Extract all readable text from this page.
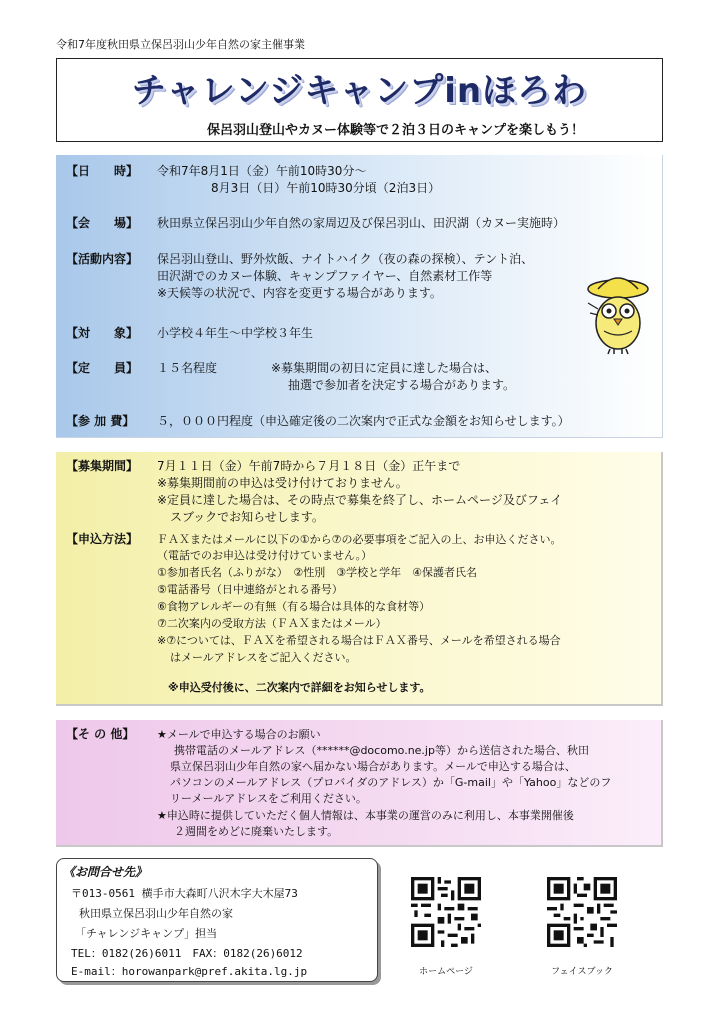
令和7年度秋田県立保呂羽山少年自然の家主催事業
チャレンジキャンプinほろわ
保呂羽山登山やカヌー体験等で２泊３日のキャンプを楽しもう！
【日　　時】 令和7年8月1日（金）午前10時30分～
8月3日（日）午前10時30分頃（2泊3日）
【会　　場】 秋田県立保呂羽山少年自然の家周辺及び保呂羽山、田沢湖（カヌー実施時）
【活動内容】 保呂羽山登山、野外炊飯、ナイトハイク（夜の森の探検）、テント泊、
田沢湖でのカヌー体験、キャンプファイヤー、自然素材工作等
※天候等の状況で、内容を変更する場合があります。
【対　　象】 小学校４年生～中学校３年生
【定　　員】 １５名程度	※募集期間の初日に定員に達した場合は、
抽選で参加者を決定する場合があります。
【参 加 費】 ５，０００円程度（申込確定後の二次案内で正式な金額をお知らせします。）
【募集期間】 7月１１日（金）午前7時から７月１８日（金）正午まで
※募集期間前の申込は受け付けておりません。
※定員に達した場合は、その時点で募集を終了し、ホームページ及びフェイ
スブックでお知らせします。
【申込方法】 ＦＡＸまたはメールに以下の①から⑦の必要事項をご記入の上、お申込ください。
（電話でのお申込は受け付けていません。）
①参加者氏名（ふりがな）　②性別　③学校と学年　④保護者氏名
⑤電話番号（日中連絡がとれる番号）
⑥食物アレルギーの有無（有る場合は具体的な食材等）
⑦二次案内の受取方法（ＦＡＸまたはメール）
※⑦については、ＦＡＸを希望される場合はＦＡＸ番号、メールを希望される場合
はメールアドレスをご記入ください。
※申込受付後に、二次案内で詳細をお知らせします。
【そ の 他】 ★メールで申込する場合のお願い
携帯電話のメールアドレス（******@docomo.ne.jp等）から送信された場合、秋田
県立保呂羽山少年自然の家へ届かない場合があります。メールで申込する場合は、
パソコンのメールアドレス（プロバイダのアドレス）か「G-mail」や「Yahoo」などのフ
リーメールアドレスをご利用ください。
★申込時に提供していただく個人情報は、本事業の運営のみに利用し、本事業開催後
２週間をめどに廃棄いたします。
《お問合せ先》
〒013-0561 横手市大森町八沢木字大木屋73
秋田県立保呂羽山少年自然の家
「チャレンジキャンプ」担当
TEL：0182(26)6011　FAX：0182(26)6012
E-mail：horowanpark@pref.akita.lg.jp	ホームページ	フェイスブック
